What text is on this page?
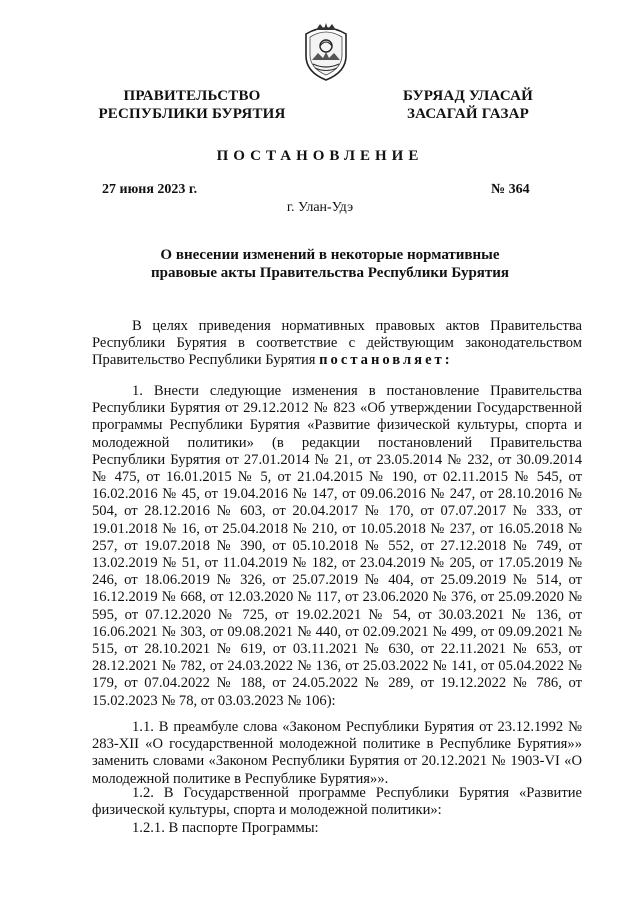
ПРАВИТЕЛЬСТВО
РЕСПУБЛИКИ БУРЯТИЯ
БУРЯАД УЛАСАЙ
ЗАСАГАЙ ГАЗАР
ПОСТАНОВЛЕНИЕ
27 июня 2023 г.	№ 364
г. Улан-Удэ
О внесении изменений в некоторые нормативные
правовые акты Правительства Республики Бурятия

В целях приведения нормативных правовых актов Правительства Республики Бурятия в соответствие с действующим законодательством Правительство Республики Бурятия постановляет:

1. Внести следующие изменения в постановление Правительства Республики Бурятия от 29.12.2012 № 823 «Об утверждении Государственной программы Республики Бурятия «Развитие физической культуры, спорта и молодежной политики» (в редакции постановлений Правительства Республики Бурятия от 27.01.2014 № 21, от 23.05.2014 № 232, от 30.09.2014 № 475, от 16.01.2015 № 5, от 21.04.2015 № 190, от 02.11.2015 № 545, от 16.02.2016 № 45, от 19.04.2016 № 147, от 09.06.2016 № 247, от 28.10.2016 № 504, от 28.12.2016 № 603, от 20.04.2017 № 170, от 07.07.2017 № 333, от 19.01.2018 № 16, от 25.04.2018 № 210, от 10.05.2018 № 237, от 16.05.2018 № 257, от 19.07.2018 № 390, от 05.10.2018 № 552, от 27.12.2018 № 749, от 13.02.2019 № 51, от 11.04.2019 № 182, от 23.04.2019 № 205, от 17.05.2019 № 246, от 18.06.2019 № 326, от 25.07.2019 № 404, от 25.09.2019 № 514, от 16.12.2019 № 668, от 12.03.2020 № 117, от 23.06.2020 № 376, от 25.09.2020 № 595, от 07.12.2020 № 725, от 19.02.2021 № 54, от 30.03.2021 № 136, от 16.06.2021 № 303, от 09.08.2021 № 440, от 02.09.2021 № 499, от 09.09.2021 № 515, от 28.10.2021 № 619, от 03.11.2021 № 630, от 22.11.2021 № 653, от 28.12.2021 № 782, от 24.03.2022 № 136, от 25.03.2022 № 141, от 05.04.2022 № 179, от 07.04.2022 № 188, от 24.05.2022 № 289, от 19.12.2022 № 786, от 15.02.2023 № 78, от 03.03.2023 № 106):

1.1. В преамбуле слова «Законом Республики Бурятия от 23.12.1992 № 283-XII «О государственной молодежной политике в Республике Бурятия»» заменить словами «Законом Республики Бурятия от 20.12.2021 № 1903-VI «О молодежной политике в Республике Бурятия»».

1.2. В Государственной программе Республики Бурятия «Развитие физической культуры, спорта и молодежной политики»:

1.2.1. В паспорте Программы:
